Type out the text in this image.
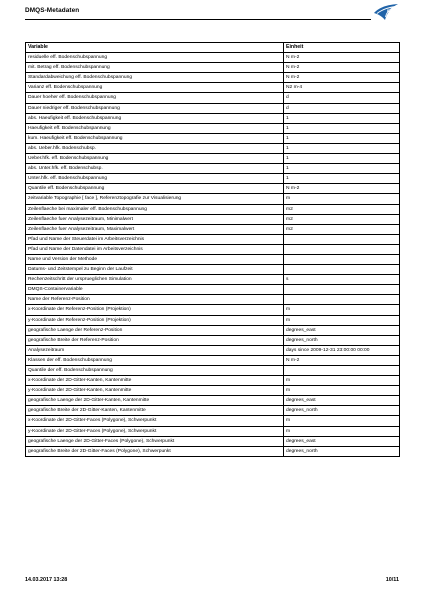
DMQS-Metadaten	BAW
Variable	Einheit
residuelle eff. Bodenschubspannung	N m-2
mit. Betrag eff. Bodenschubspannung	N m-2
Standardabweichung eff. Bodenschubspannung	N m-2
Varianz eff. Bodenschubspannung	N2 m-4
Dauer hoeher eff. Bodenschubspannung	d
Dauer niedriger eff. Bodenschubspannung	d
abs. Haeufigkeit eff. Bodenschubspannung	1
Haeufigkeit eff. Bodenschubspannung	1
kum. Haeufigkeit eff. Bodenschubspannung	1
abs. Ueber.hfk. Bodenschubsp.	1
Ueber.hfk. eff. Bodenschubspannung	1
abs. Unter.hfk. eff. Bodenschubsp.	1
Unter.hfk. eff. Bodenschubspannung	1
Quantile eff. Bodenschubspannung	N m-2
zeitvariable Topographie [ face ], Referenztopografie zur Visualisierung	m
Zeilenflaeche bei maximaler eff. Bodenschubspannung	m2
Zeilenflaeche fuer Analysezeitraum, Minimalwert	m2
Zeilenflaeche fuer Analysezeitraum, Maximalwert	m2
Pfad und Name der Steuerdatei im Arbeitsverzeichnis	
Pfad und Name der Datendatei im Arbeitsverzeichnis	
Name und Version der Methode	
Datums- und Zeitstempel zu Beginn der Laufzeit	
Rechenzeitschritt der ursprueglichen Simulation	s
DMQS-Containervariable	
Name der Referenz-Position	
x-Koordinate der Referenz-Position (Projektion)	m
y-Koordinate der Referenz-Position (Projektion)	m
geografische Laenge der Referenz-Position	degrees_east
geografische Breite der Referenz-Position	degrees_north
Analysezeitraum	days since 2009-12-31 23:00:00 00:00
Klassen der eff. Bodenschubspannung	N m-2
Quantile der eff. Bodenschubspannung	
x-Koordinate der 2D-Gitter-Kanten, Kantenmitte	m
y-Koordinate der 2D-Gitter-Kanten, Kantenmitte	m
geografische Laenge der 2D-Gitter-Kanten, Kantenmitte	degrees_east
geografische Breite der 2D-Gitter-Kanten, Kantenmitte	degrees_north
x-Koordinate der 2D-Gitter-Faces (Polygone), Schwerpunkt	m
y-Koordinate der 2D-Gitter-Faces (Polygone), Schwerpunkt	m
geografische Laenge der 2D-Gitter-Faces (Polygone), Schwerpunkt	degrees_east
geografische Breite der 2D-Gitter-Faces (Polygone), Schwerpunkt	degrees_north
14.03.2017 13:28	10/11
